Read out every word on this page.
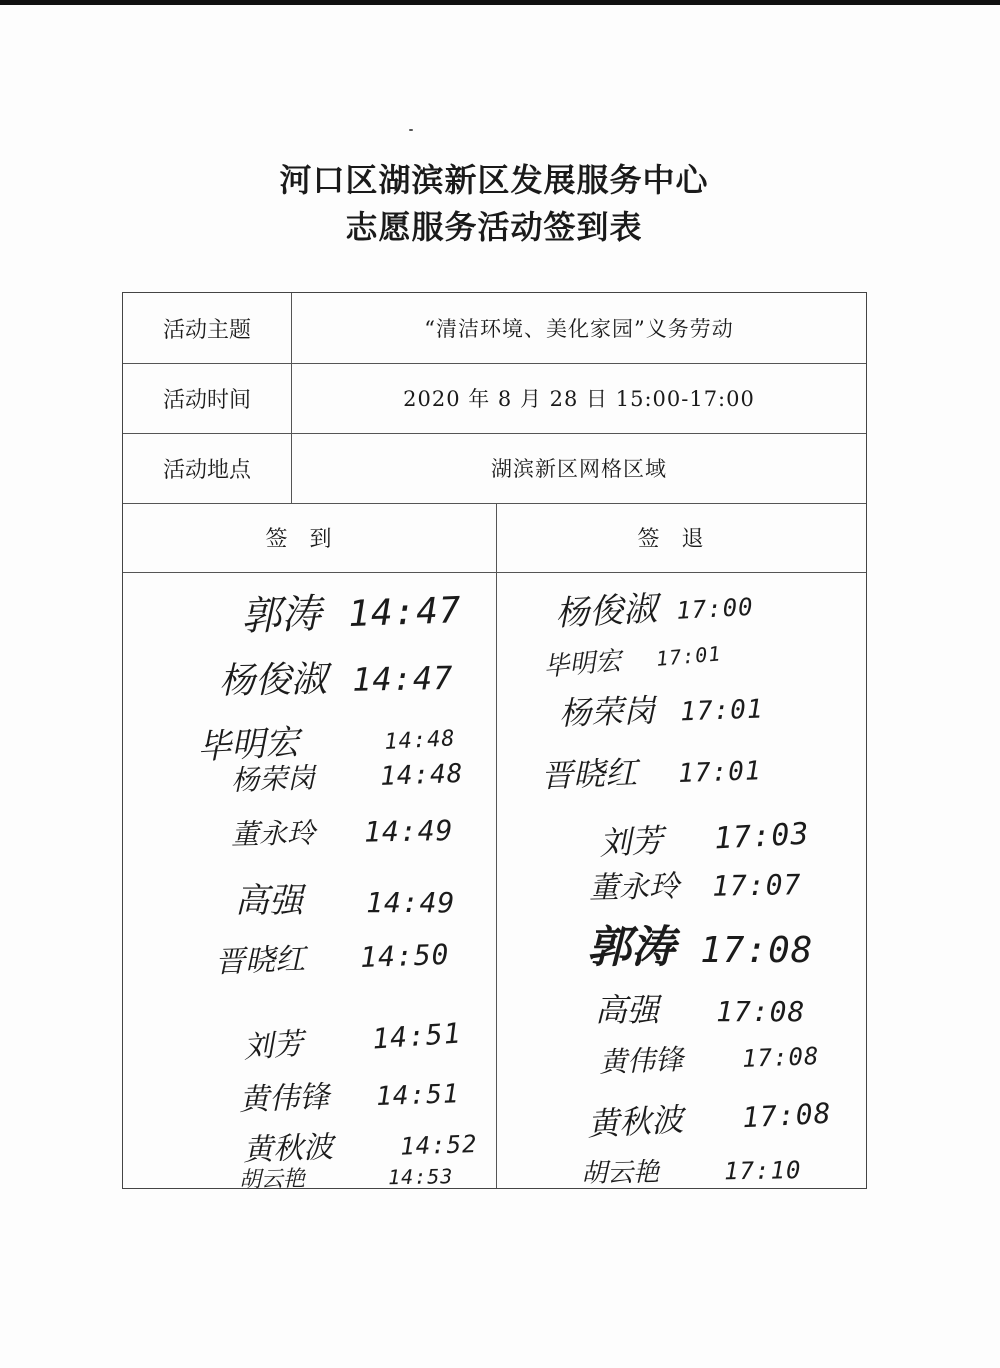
河口区湖滨新区发展服务中心
志愿服务活动签到表
活动主题	“清洁环境、美化家园”义务劳动
活动时间	2020 年 8 月 28 日 15:00-17:00
活动地点	湖滨新区网格区域
签到	签退
郭涛 14:47
杨俊淑 14:47
毕明宏	14:48
杨荣岗 14:48
董永玲 14:49
高强 14:49
晋晓红 14:50
刘芳 14:51
黄伟锋 14:51
黄秋波	14:52
胡云艳	14:53
杨俊淑 17:00
毕明宏 17:01
杨荣岗 17:01
晋晓红 17:01
刘芳 17:03
董永玲 17:07
郭涛 17:08
高强 17:08
黄伟锋 17:08
黄秋波 17:08
胡云艳	17:10
